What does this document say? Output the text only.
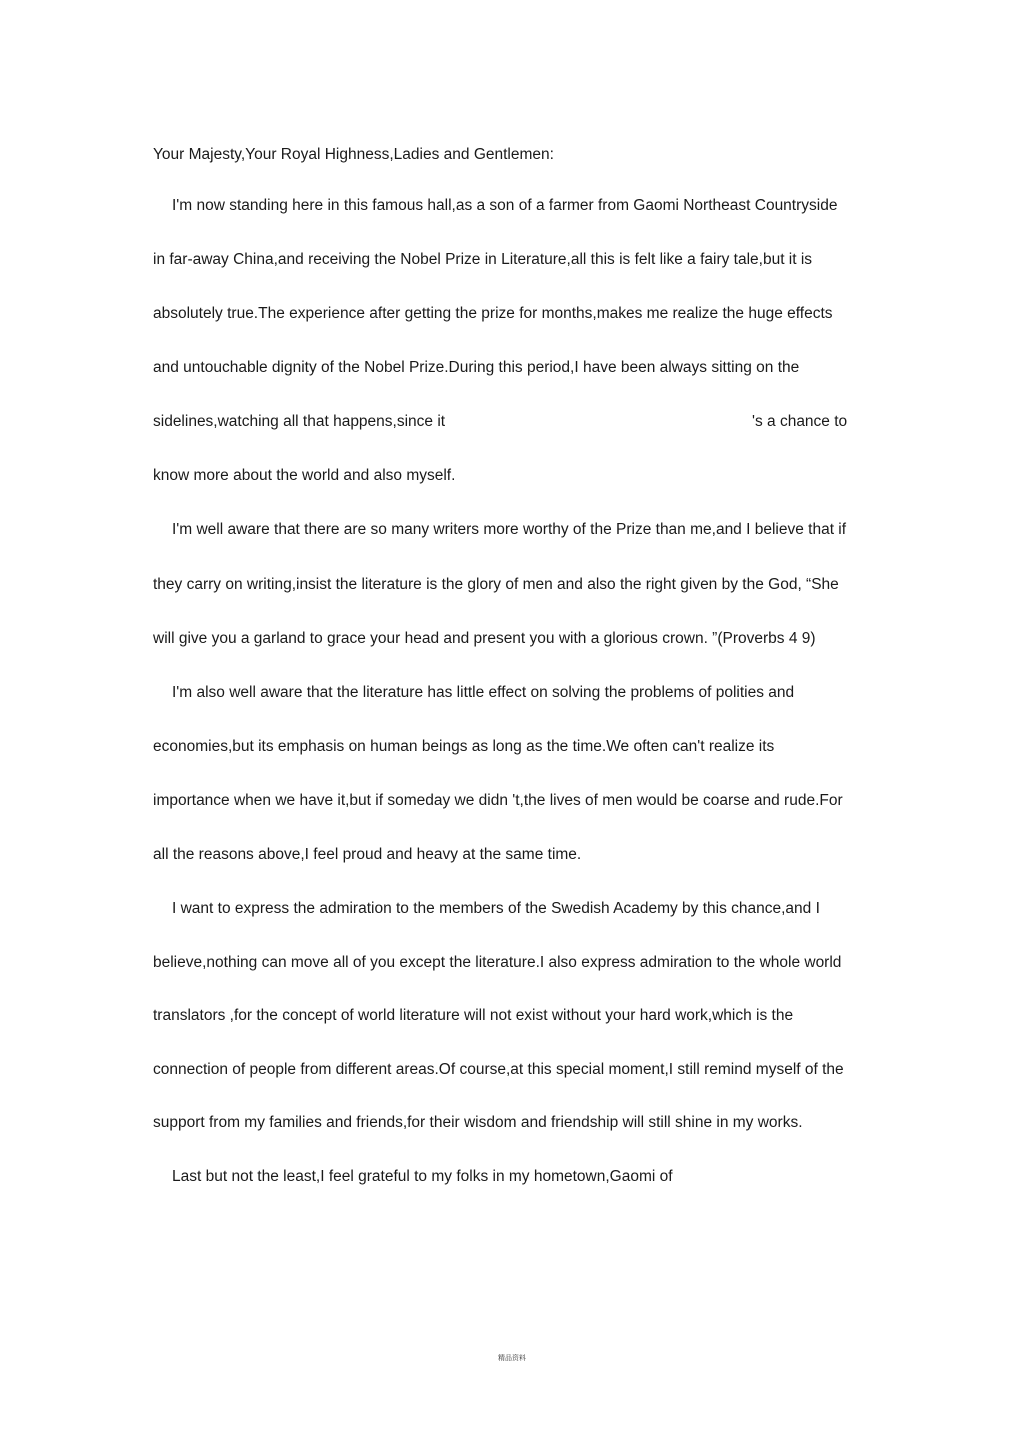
Your Majesty,Your Royal Highness,Ladies and Gentlemen:
I'm now standing here in this famous hall,as a son of a farmer from Gaomi Northeast Countryside
in far-away China,and receiving the Nobel Prize in Literature,all this is felt like a fairy tale,but it is
absolutely true.The experience after getting the prize for months,makes me realize the huge effects
and untouchable dignity of the Nobel Prize.During this period,I have been always sitting on the
sidelines,watching all that happens,since it	's a chance to
know more about the world and also myself.
I'm well aware that there are so many writers more worthy of the Prize than me,and I believe that if
they carry on writing,insist the literature is the glory of men and also the right given by the God, “She
will give you a garland to grace your head and present you with a glorious crown. ”(Proverbs 4 9)
I'm also well aware that the literature has little effect on solving the problems of polities and
economies,but its emphasis on human beings as long as the time.We often can't realize its
importance when we have it,but if someday we didn 't,the lives of men would be coarse and rude.For
all the reasons above,I feel proud and heavy at the same time.
I want to express the admiration to the members of the Swedish Academy by this chance,and I
believe,nothing can move all of you except the literature.I also express admiration to the whole world
translators ,for the concept of world literature will not exist without your hard work,which is the
connection of people from different areas.Of course,at this special moment,I still remind myself of the
support from my families and friends,for their wisdom and friendship will still shine in my works.
Last but not the least,I feel grateful to my folks in my hometown,Gaomi of
精品资料
